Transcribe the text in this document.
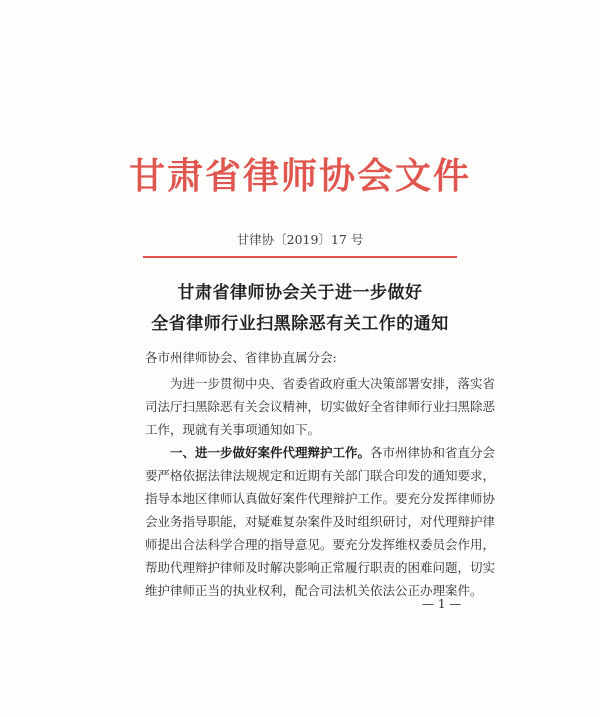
甘肃省律师协会文件
甘律协〔2019〕17 号
甘肃省律师协会关于进一步做好
全省律师行业扫黑除恶有关工作的通知
各市州律师协会、省律协直属分会:
为进一步贯彻中央、省委省政府重大决策部署安排，落实省
司法厅扫黑除恶有关会议精神，切实做好全省律师行业扫黑除恶
工作，现就有关事项通知如下。
一、进一步做好案件代理辩护工作。各市州律协和省直分会
要严格依据法律法规规定和近期有关部门联合印发的通知要求，
指导本地区律师认真做好案件代理辩护工作。要充分发挥律师协
会业务指导职能，对疑难复杂案件及时组织研讨，对代理辩护律
师提出合法科学合理的指导意见。要充分发挥维权委员会作用，
帮助代理辩护律师及时解决影响正常履行职责的困难问题，切实
维护律师正当的执业权利，配合司法机关依法公正办理案件。
— 1 —
